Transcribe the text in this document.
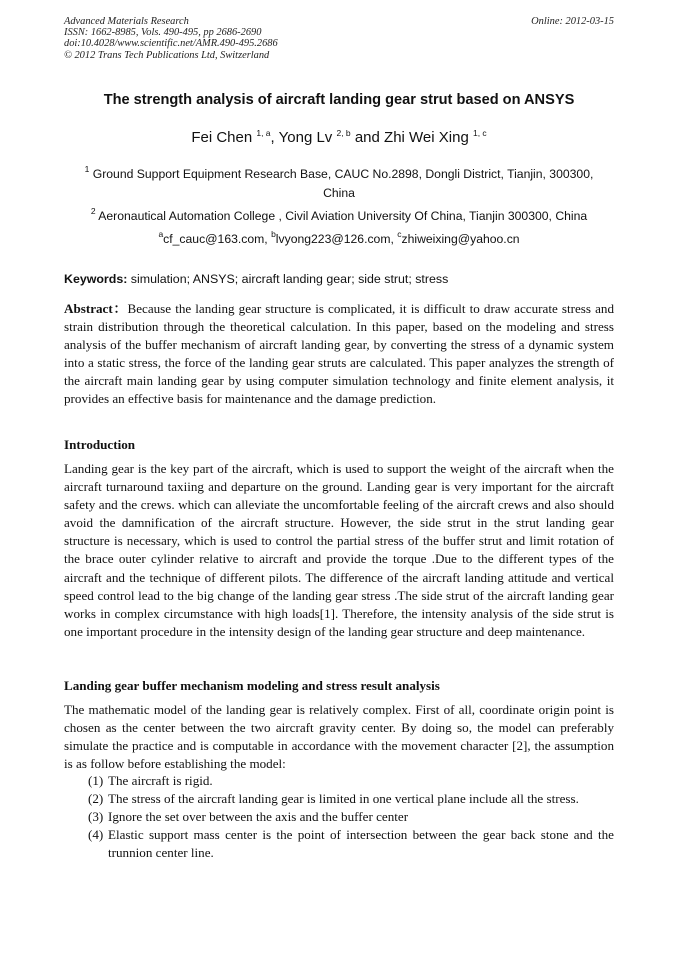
Advanced Materials Research
ISSN: 1662-8985, Vols. 490-495, pp 2686-2690
doi:10.4028/www.scientific.net/AMR.490-495.2686
© 2012 Trans Tech Publications Ltd, Switzerland
Online: 2012-03-15
The strength analysis of aircraft landing gear strut based on ANSYS
Fei Chen $^{1, a}$, Yong Lv $^{2, b}$ and Zhi Wei Xing $^{1, c}$
$^1$ Ground Support Equipment Research Base, CAUC No.2898, Dongli District, Tianjin, 300300, China
$^2$ Aeronautical Automation College , Civil Aviation University Of China, Tianjin 300300, China
$^a$cf_cauc@163.com, $^b$lvyong223@126.com, $^c$zhiweixing@yahoo.cn
Keywords: simulation; ANSYS; aircraft landing gear; side strut; stress
Abstract：Because the landing gear structure is complicated, it is difficult to draw accurate stress and strain distribution through the theoretical calculation. In this paper, based on the modeling and stress analysis of the buffer mechanism of aircraft landing gear, by converting the stress of a dynamic system into a static stress, the force of the landing gear struts are calculated. This paper analyzes the strength of the aircraft main landing gear by using computer simulation technology and finite element analysis, it provides an effective basis for maintenance and the damage prediction.
Introduction
Landing gear is the key part of the aircraft, which is used to support the weight of the aircraft when the aircraft turnaround taxiing and departure on the ground. Landing gear is very important for the aircraft safety and the crews. which can alleviate the uncomfortable feeling of the aircraft crews and also should avoid the damnification of the aircraft structure. However, the side strut in the strut landing gear structure is necessary, which is used to control the partial stress of the buffer strut and limit rotation of the brace outer cylinder relative to aircraft and provide the torque .Due to the different types of the aircraft and the technique of different pilots. The difference of the aircraft landing attitude and vertical speed control lead to the big change of the landing gear stress .The side strut of the aircraft landing gear works in complex circumstance with high loads[1]. Therefore, the intensity analysis of the side strut is one important procedure in the intensity design of the landing gear structure and deep maintenance.
Landing gear buffer mechanism modeling and stress result analysis
The mathematic model of the landing gear is relatively complex. First of all, coordinate origin point is chosen as the center between the two aircraft gravity center. By doing so, the model can preferably simulate the practice and is computable in accordance with the movement character [2], the assumption is as follow before establishing the model:
(1) The aircraft is rigid.
(2) The stress of the aircraft landing gear is limited in one vertical plane include all the stress.
(3) Ignore the set over between the axis and the buffer center
(4) Elastic support mass center is the point of intersection between the gear back stone and the trunnion center line.
